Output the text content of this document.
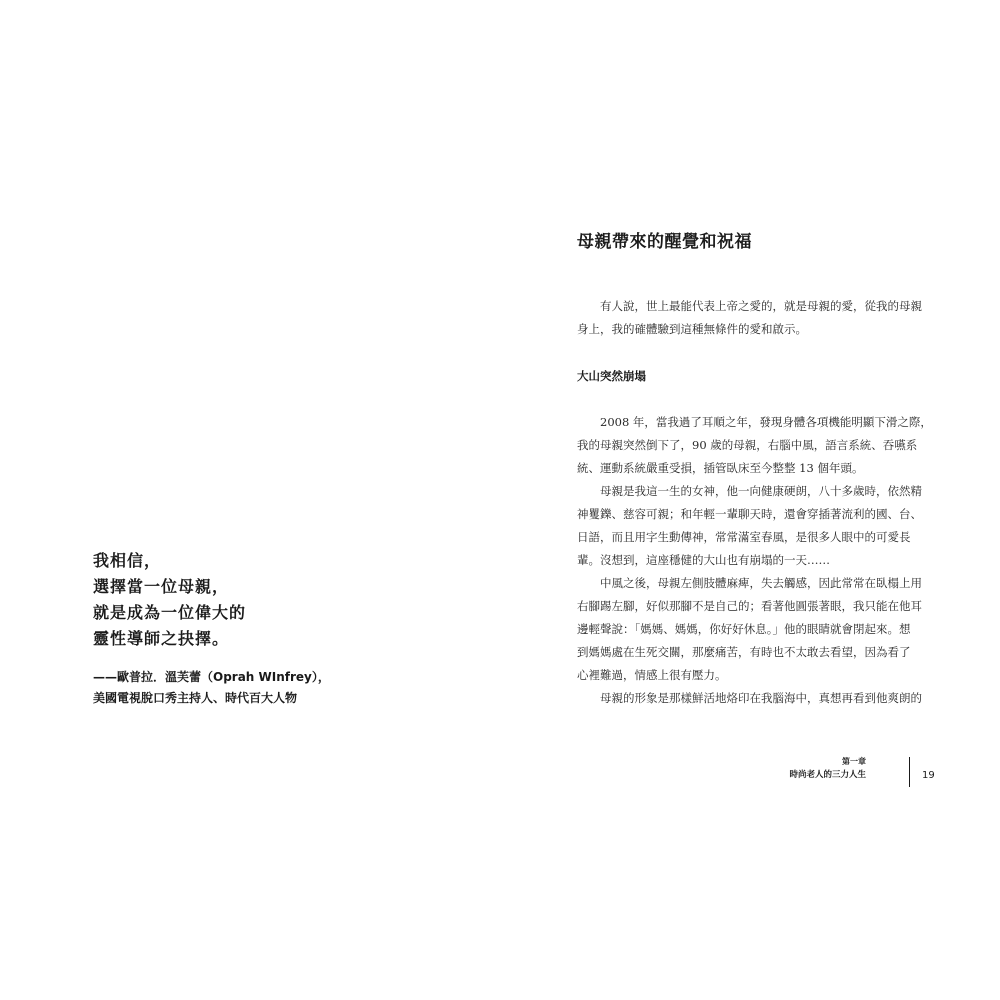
我相信，
選擇當一位母親，
就是成為一位偉大的
靈性導師之抉擇。
——歐普拉．溫芙蕾（Oprah WInfrey），
美國電視脫口秀主持人、時代百大人物
母親帶來的醒覺和祝福
有人說，世上最能代表上帝之愛的，就是母親的愛，從我的母親
身上，我的確體驗到這種無條件的愛和啟示。
大山突然崩塌
2008 年，當我過了耳順之年，發現身體各項機能明顯下滑之際，
我的母親突然倒下了，90 歲的母親，右腦中風，語言系統、吞嚥系
統、運動系統嚴重受損，插管臥床至今整整 13 個年頭。
母親是我這一生的女神，他一向健康硬朗，八十多歲時，依然精
神矍鑠、慈容可親；和年輕一輩聊天時，還會穿插著流利的國、台、
日語，而且用字生動傳神，常常滿室春風，是很多人眼中的可愛長
輩。沒想到，這座穩健的大山也有崩塌的一天……
中風之後，母親左側肢體麻痺，失去觸感，因此常常在臥榻上用
右腳踢左腳，好似那腳不是自己的；看著他圓張著眼，我只能在他耳
邊輕聲說：「媽媽、媽媽，你好好休息。」他的眼睛就會閉起來。想
到媽媽處在生死交關，那麼痛苦，有時也不太敢去看望，因為看了
心裡難過，情感上很有壓力。
母親的形象是那樣鮮活地烙印在我腦海中，真想再看到他爽朗的
第一章
時尚老人的三力人生	19
